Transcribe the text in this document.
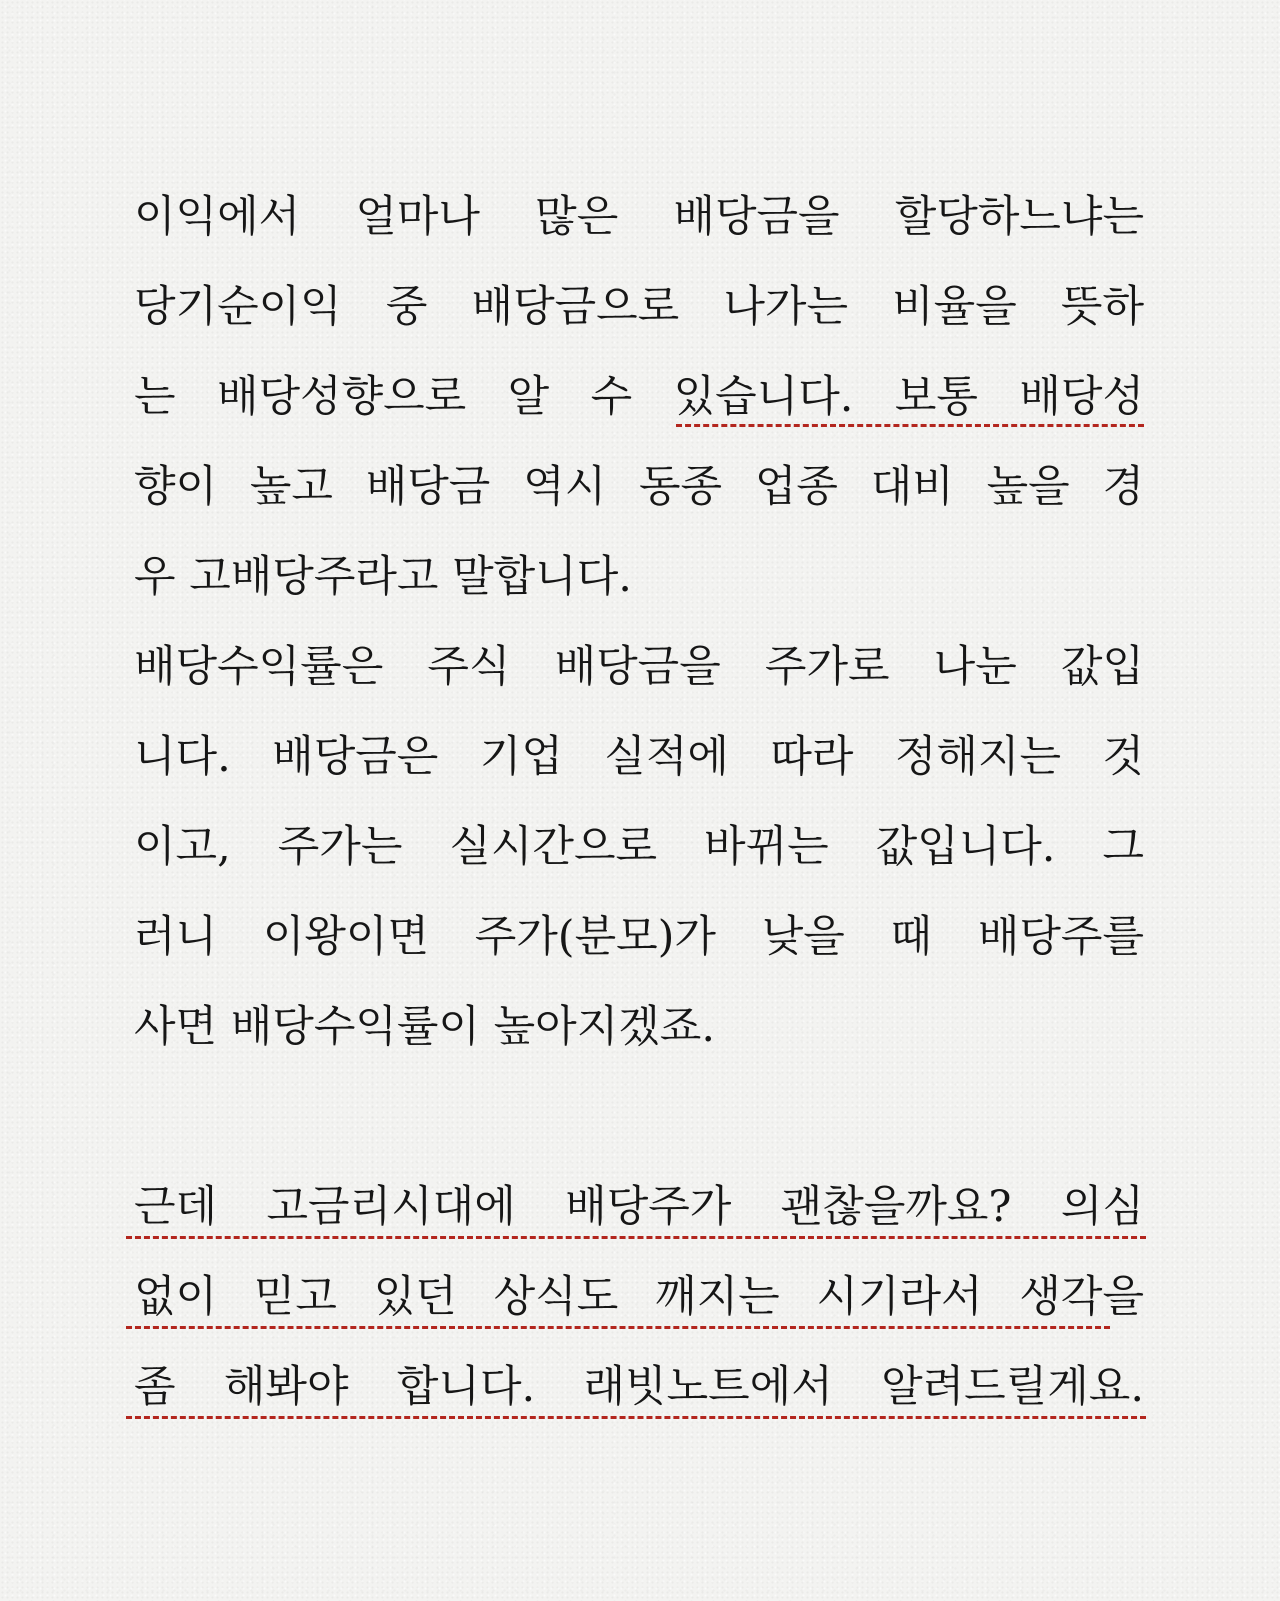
이익에서 얼마나 많은 배당금을 할당하느냐는
당기순이익 중 배당금으로 나가는 비율을 뜻하
는 배당성향으로 알 수 있습니다. 보통 배당성
향이 높고 배당금 역시 동종 업종 대비 높을 경
우 고배당주라고 말합니다.
배당수익률은 주식 배당금을 주가로 나눈 값입
니다. 배당금은 기업 실적에 따라 정해지는 것
이고, 주가는 실시간으로 바뀌는 값입니다. 그
러니 이왕이면 주가(분모)가 낮을 때 배당주를
사면 배당수익률이 높아지겠죠.
근데 고금리시대에 배당주가 괜찮을까요? 의심
없이 믿고 있던 상식도 깨지는 시기라서 생각을
좀 해봐야 합니다. 래빗노트에서 알려드릴게요.
